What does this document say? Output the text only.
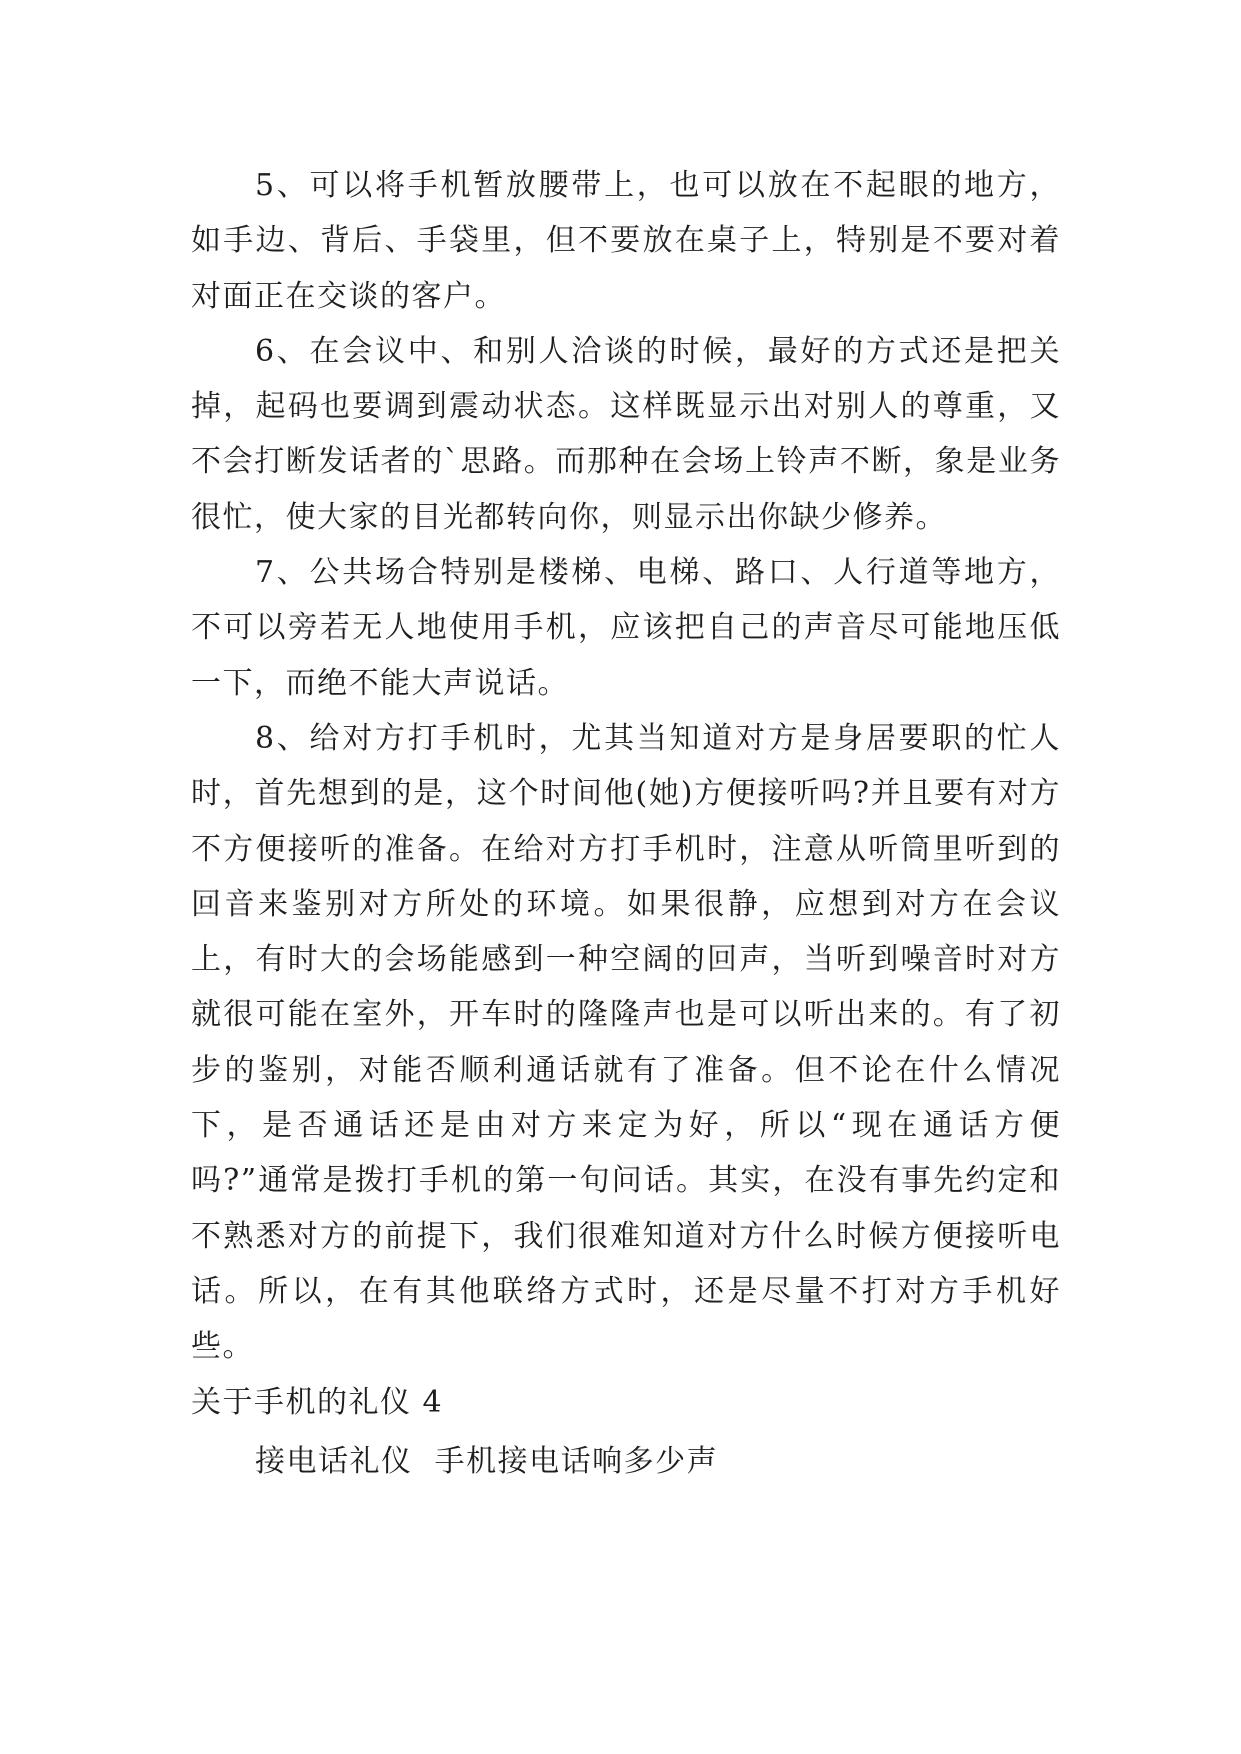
5、可以将手机暂放腰带上，也可以放在不起眼的地方，如手边、背后、手袋里，但不要放在桌子上，特别是不要对着对面正在交谈的客户。

6、在会议中、和别人洽谈的时候，最好的方式还是把关掉，起码也要调到震动状态。这样既显示出对别人的尊重，又不会打断发话者的`思路。而那种在会场上铃声不断，象是业务很忙，使大家的目光都转向你，则显示出你缺少修养。

7、公共场合特别是楼梯、电梯、路口、人行道等地方，不可以旁若无人地使用手机，应该把自己的声音尽可能地压低一下，而绝不能大声说话。

8、给对方打手机时，尤其当知道对方是身居要职的忙人时，首先想到的是，这个时间他(她)方便接听吗?并且要有对方不方便接听的准备。在给对方打手机时，注意从听筒里听到的回音来鉴别对方所处的环境。如果很静，应想到对方在会议上，有时大的会场能感到一种空阔的回声，当听到噪音时对方就很可能在室外，开车时的隆隆声也是可以听出来的。有了初步的鉴别，对能否顺利通话就有了准备。但不论在什么情况下，是否通话还是由对方来定为好，所以“现在通话方便吗?”通常是拨打手机的第一句问话。其实，在没有事先约定和不熟悉对方的前提下，我们很难知道对方什么时候方便接听电话。所以，在有其他联络方式时，还是尽量不打对方手机好些。

关于手机的礼仪 4

接电话礼仪  手机接电话响多少声
